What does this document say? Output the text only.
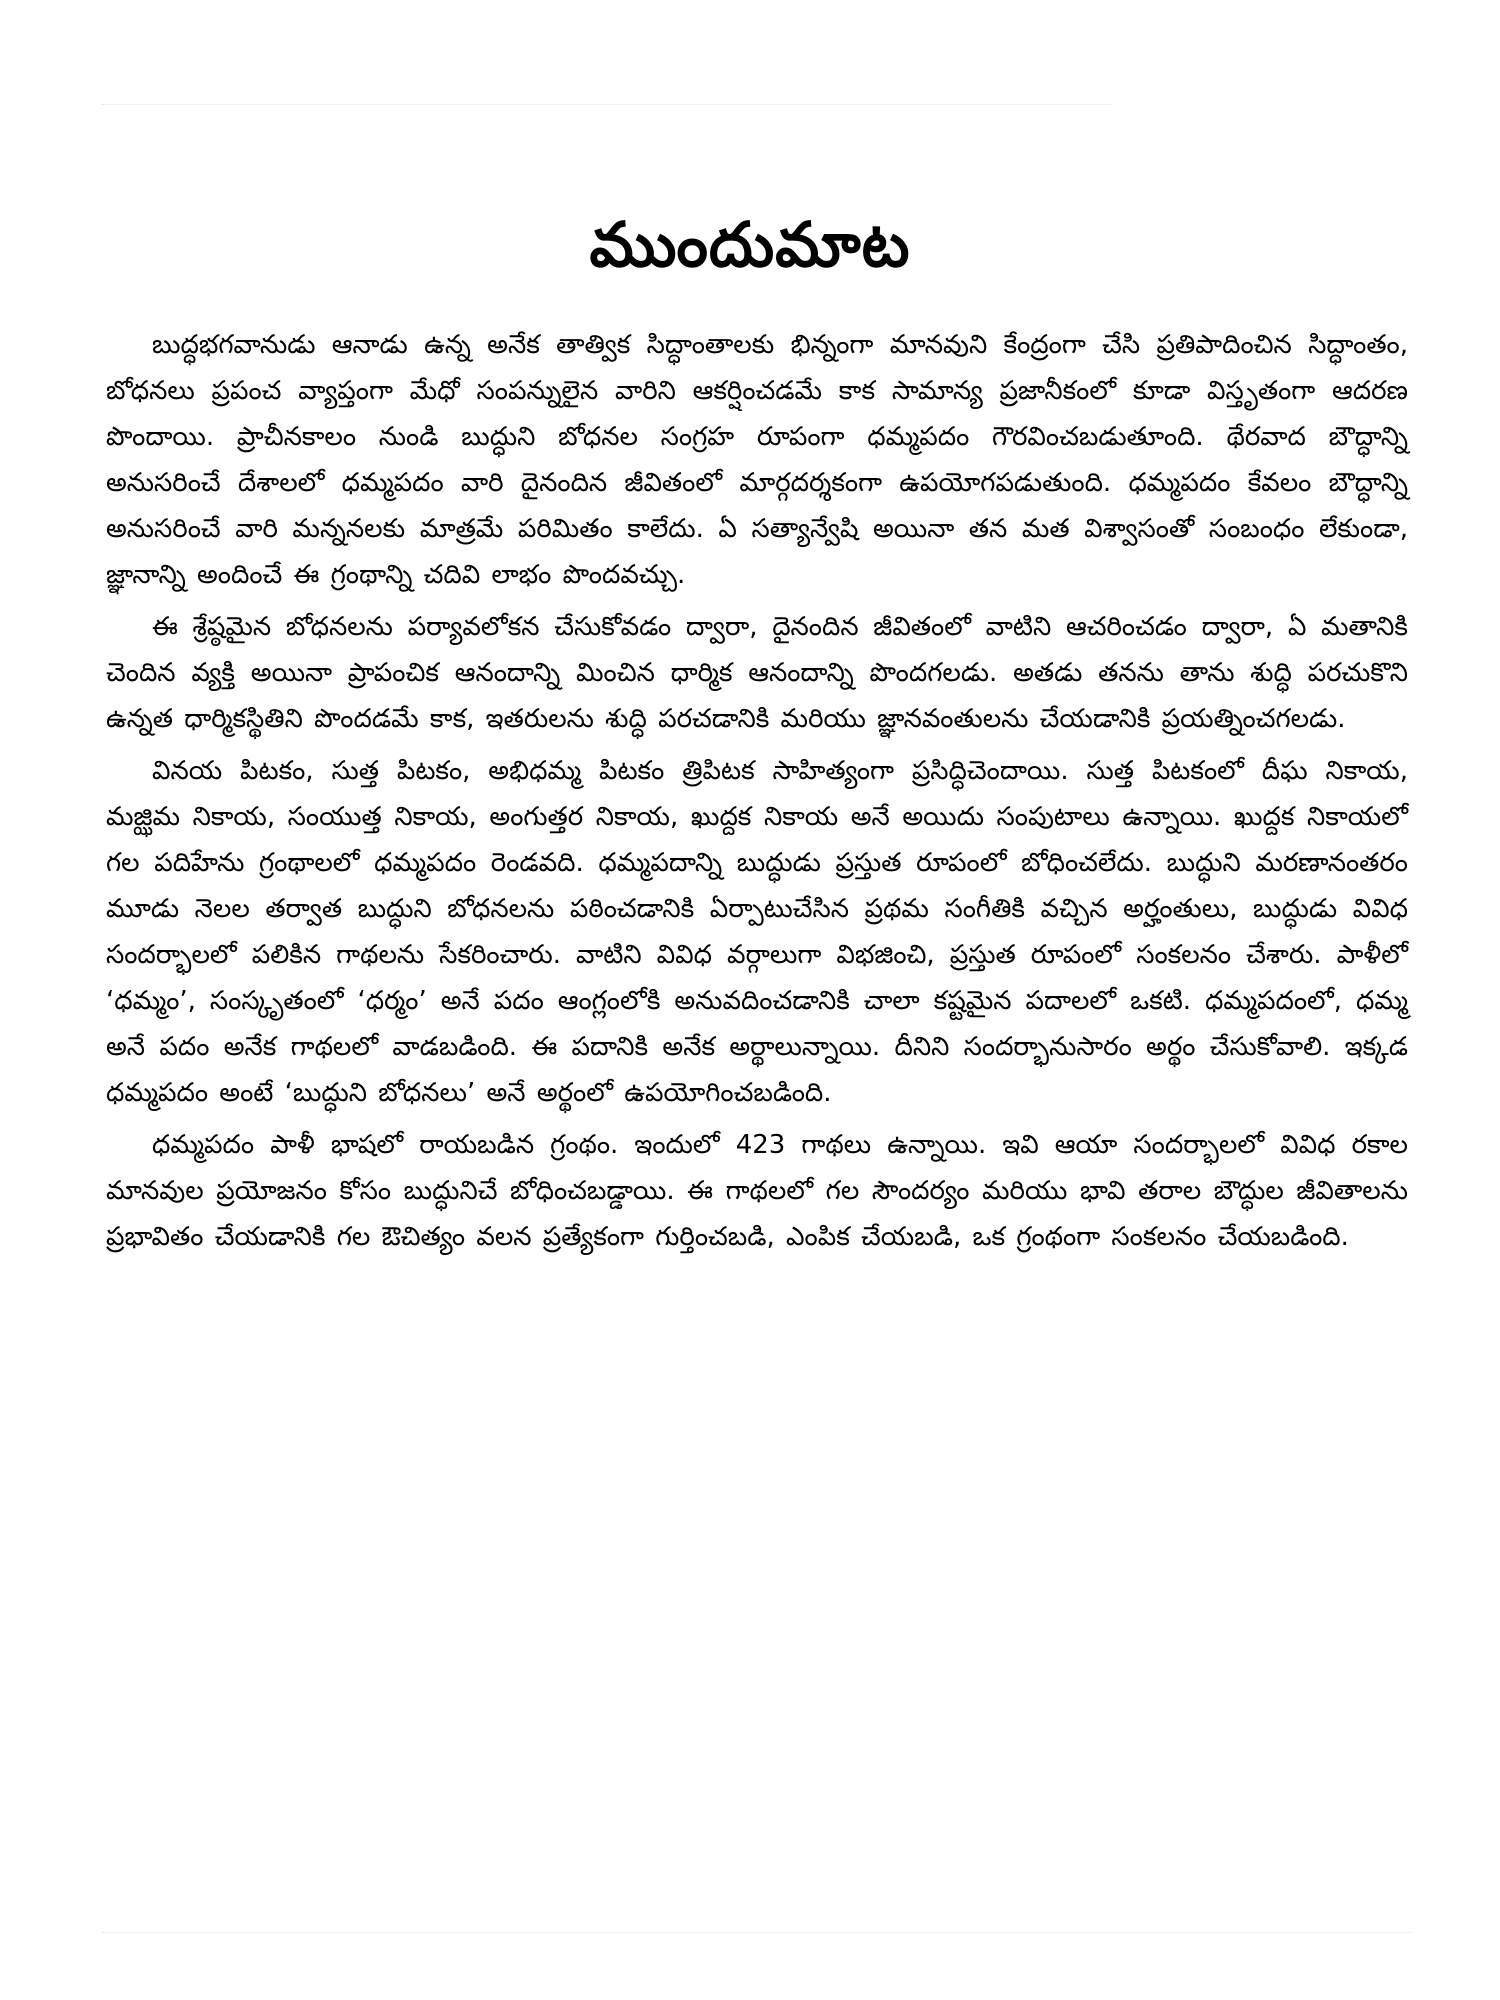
ముందుమాట

బుద్ధభగవానుడు ఆనాడు ఉన్న అనేక తాత్విక సిద్ధాంతాలకు భిన్నంగా మానవుని కేంద్రంగా చేసి ప్రతిపాదించిన సిద్ధాంతం, బోధనలు ప్రపంచ వ్యాప్తంగా మేధో సంపన్నులైన వారిని ఆకర్షించడమే కాక సామాన్య ప్రజానీకంలో కూడా విస్తృతంగా ఆదరణ పొందాయి. ప్రాచీనకాలం నుండి బుద్ధుని బోధనల సంగ్రహ రూపంగా ధమ్మపదం గౌరవించబడుతూంది. థేరవాద బౌద్ధాన్ని అనుసరించే దేశాలలో ధమ్మపదం వారి దైనందిన జీవితంలో మార్గదర్శకంగా ఉపయోగపడుతుంది. ధమ్మపదం కేవలం బౌద్ధాన్ని అనుసరించే వారి మన్ననలకు మాత్రమే పరిమితం కాలేదు. ఏ సత్యాన్వేషి అయినా తన మత విశ్వాసంతో సంబంధం లేకుండా, జ్ఞానాన్ని అందించే ఈ గ్రంథాన్ని చదివి లాభం పొందవచ్చు.

ఈ శ్రేష్ఠమైన బోధనలను పర్యావలోకన చేసుకోవడం ద్వారా, దైనందిన జీవితంలో వాటిని ఆచరించడం ద్వారా, ఏ మతానికి చెందిన వ్యక్తి అయినా ప్రాపంచిక ఆనందాన్ని మించిన ధార్మిక ఆనందాన్ని పొందగలడు. అతడు తనను తాను శుద్ధి పరచుకొని ఉన్నత ధార్మికస్థితిని పొందడమే కాక, ఇతరులను శుద్ధి పరచడానికి మరియు జ్ఞానవంతులను చేయడానికి ప్రయత్నించగలడు.

వినయ పిటకం, సుత్త పిటకం, అభిధమ్మ పిటకం త్రిపిటక సాహిత్యంగా ప్రసిద్ధిచెందాయి. సుత్త పిటకంలో దీఘ నికాయ, మజ్ఝిమ నికాయ, సంయుత్త నికాయ, అంగుత్తర నికాయ, ఖుద్దక నికాయ అనే అయిదు సంపుటాలు ఉన్నాయి. ఖుద్దక నికాయలో గల పదిహేను గ్రంథాలలో ధమ్మపదం రెండవది. ధమ్మపదాన్ని బుద్ధుడు ప్రస్తుత రూపంలో బోధించలేదు. బుద్ధుని మరణానంతరం మూడు నెలల తర్వాత బుద్ధుని బోధనలను పఠించడానికి ఏర్పాటుచేసిన ప్రథమ సంగీతికి వచ్చిన అర్హంతులు, బుద్ధుడు వివిధ సందర్భాలలో పలికిన గాథలను సేకరించారు. వాటిని వివిధ వర్గాలుగా విభజించి, ప్రస్తుత రూపంలో సంకలనం చేశారు. పాళీలో ‘ధమ్మం’, సంస్కృతంలో ‘ధర్మం’ అనే పదం ఆంగ్లంలోకి అనువదించడానికి చాలా కష్టమైన పదాలలో ఒకటి. ధమ్మపదంలో, ధమ్మ అనే పదం అనేక గాథలలో వాడబడింది. ఈ పదానికి అనేక అర్థాలున్నాయి. దీనిని సందర్భానుసారం అర్థం చేసుకోవాలి. ఇక్కడ ధమ్మపదం అంటే ‘బుద్ధుని బోధనలు’ అనే అర్థంలో ఉపయోగించబడింది.

ధమ్మపదం పాళీ భాషలో రాయబడిన గ్రంథం. ఇందులో 423 గాథలు ఉన్నాయి. ఇవి ఆయా సందర్భాలలో వివిధ రకాల మానవుల ప్రయోజనం కోసం బుద్ధునిచే బోధించబడ్డాయి. ఈ గాథలలో గల సౌందర్యం మరియు భావి తరాల బౌద్ధుల జీవితాలను ప్రభావితం చేయడానికి గల ఔచిత్యం వలన ప్రత్యేకంగా గుర్తించబడి, ఎంపిక చేయబడి, ఒక గ్రంథంగా సంకలనం చేయబడింది.
